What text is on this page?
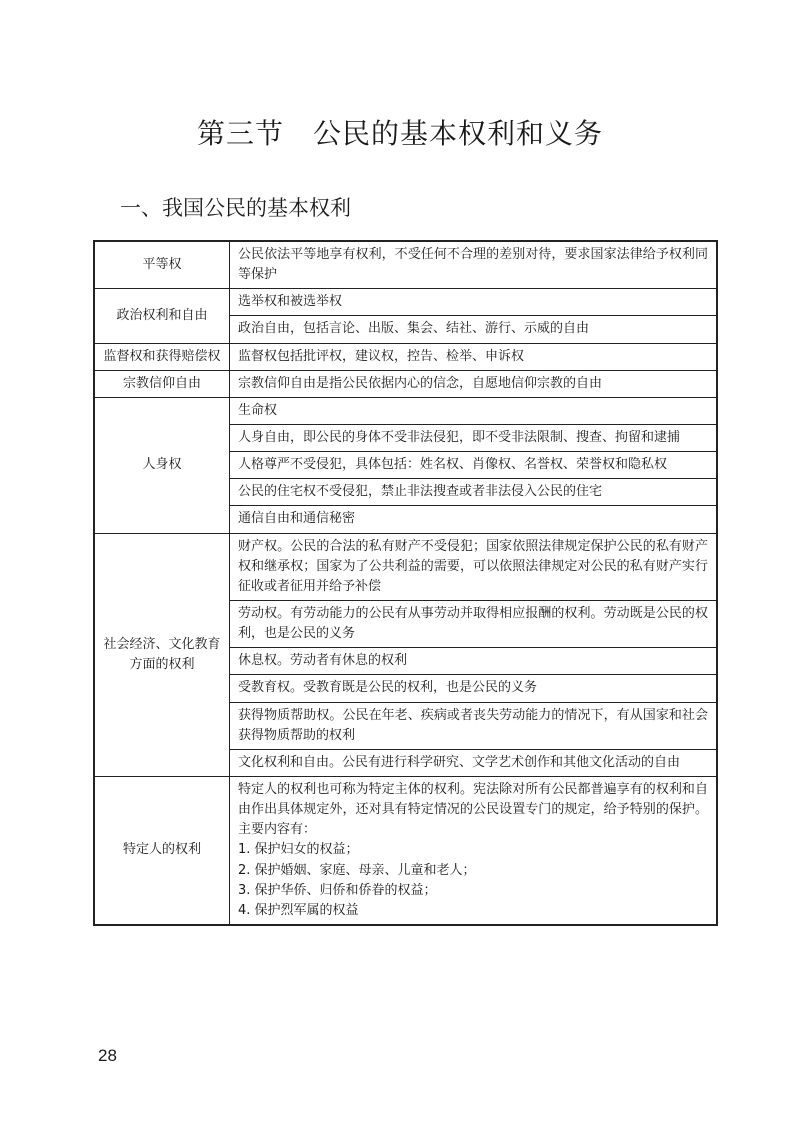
第三节　公民的基本权利和义务
一、我国公民的基本权利
平等权	公民依法平等地享有权利，不受任何不合理的差别对待，要求国家法律给予权利同等保护
政治权利和自由	选举权和被选举权
	政治自由，包括言论、出版、集会、结社、游行、示威的自由
监督权和获得赔偿权	监督权包括批评权，建议权，控告、检举、申诉权
宗教信仰自由	宗教信仰自由是指公民依据内心的信念，自愿地信仰宗教的自由
人身权	生命权
	人身自由，即公民的身体不受非法侵犯，即不受非法限制、搜查、拘留和逮捕
	人格尊严不受侵犯，具体包括：姓名权、肖像权、名誉权、荣誉权和隐私权
	公民的住宅权不受侵犯，禁止非法搜查或者非法侵入公民的住宅
	通信自由和通信秘密
社会经济、文化教育方面的权利	财产权。公民的合法的私有财产不受侵犯；国家依照法律规定保护公民的私有财产权和继承权；国家为了公共利益的需要，可以依照法律规定对公民的私有财产实行征收或者征用并给予补偿
	劳动权。有劳动能力的公民有从事劳动并取得相应报酬的权利。劳动既是公民的权利，也是公民的义务
	休息权。劳动者有休息的权利
	受教育权。受教育既是公民的权利，也是公民的义务
	获得物质帮助权。公民在年老、疾病或者丧失劳动能力的情况下，有从国家和社会获得物质帮助的权利
	文化权利和自由。公民有进行科学研究、文学艺术创作和其他文化活动的自由
特定人的权利	特定人的权利也可称为特定主体的权利。宪法除对所有公民都普遍享有的权利和自由作出具体规定外，还对具有特定情况的公民设置专门的规定，给予特别的保护。主要内容有：
1. 保护妇女的权益；
2. 保护婚姻、家庭、母亲、儿童和老人；
3. 保护华侨、归侨和侨眷的权益；
4. 保护烈军属的权益
28
